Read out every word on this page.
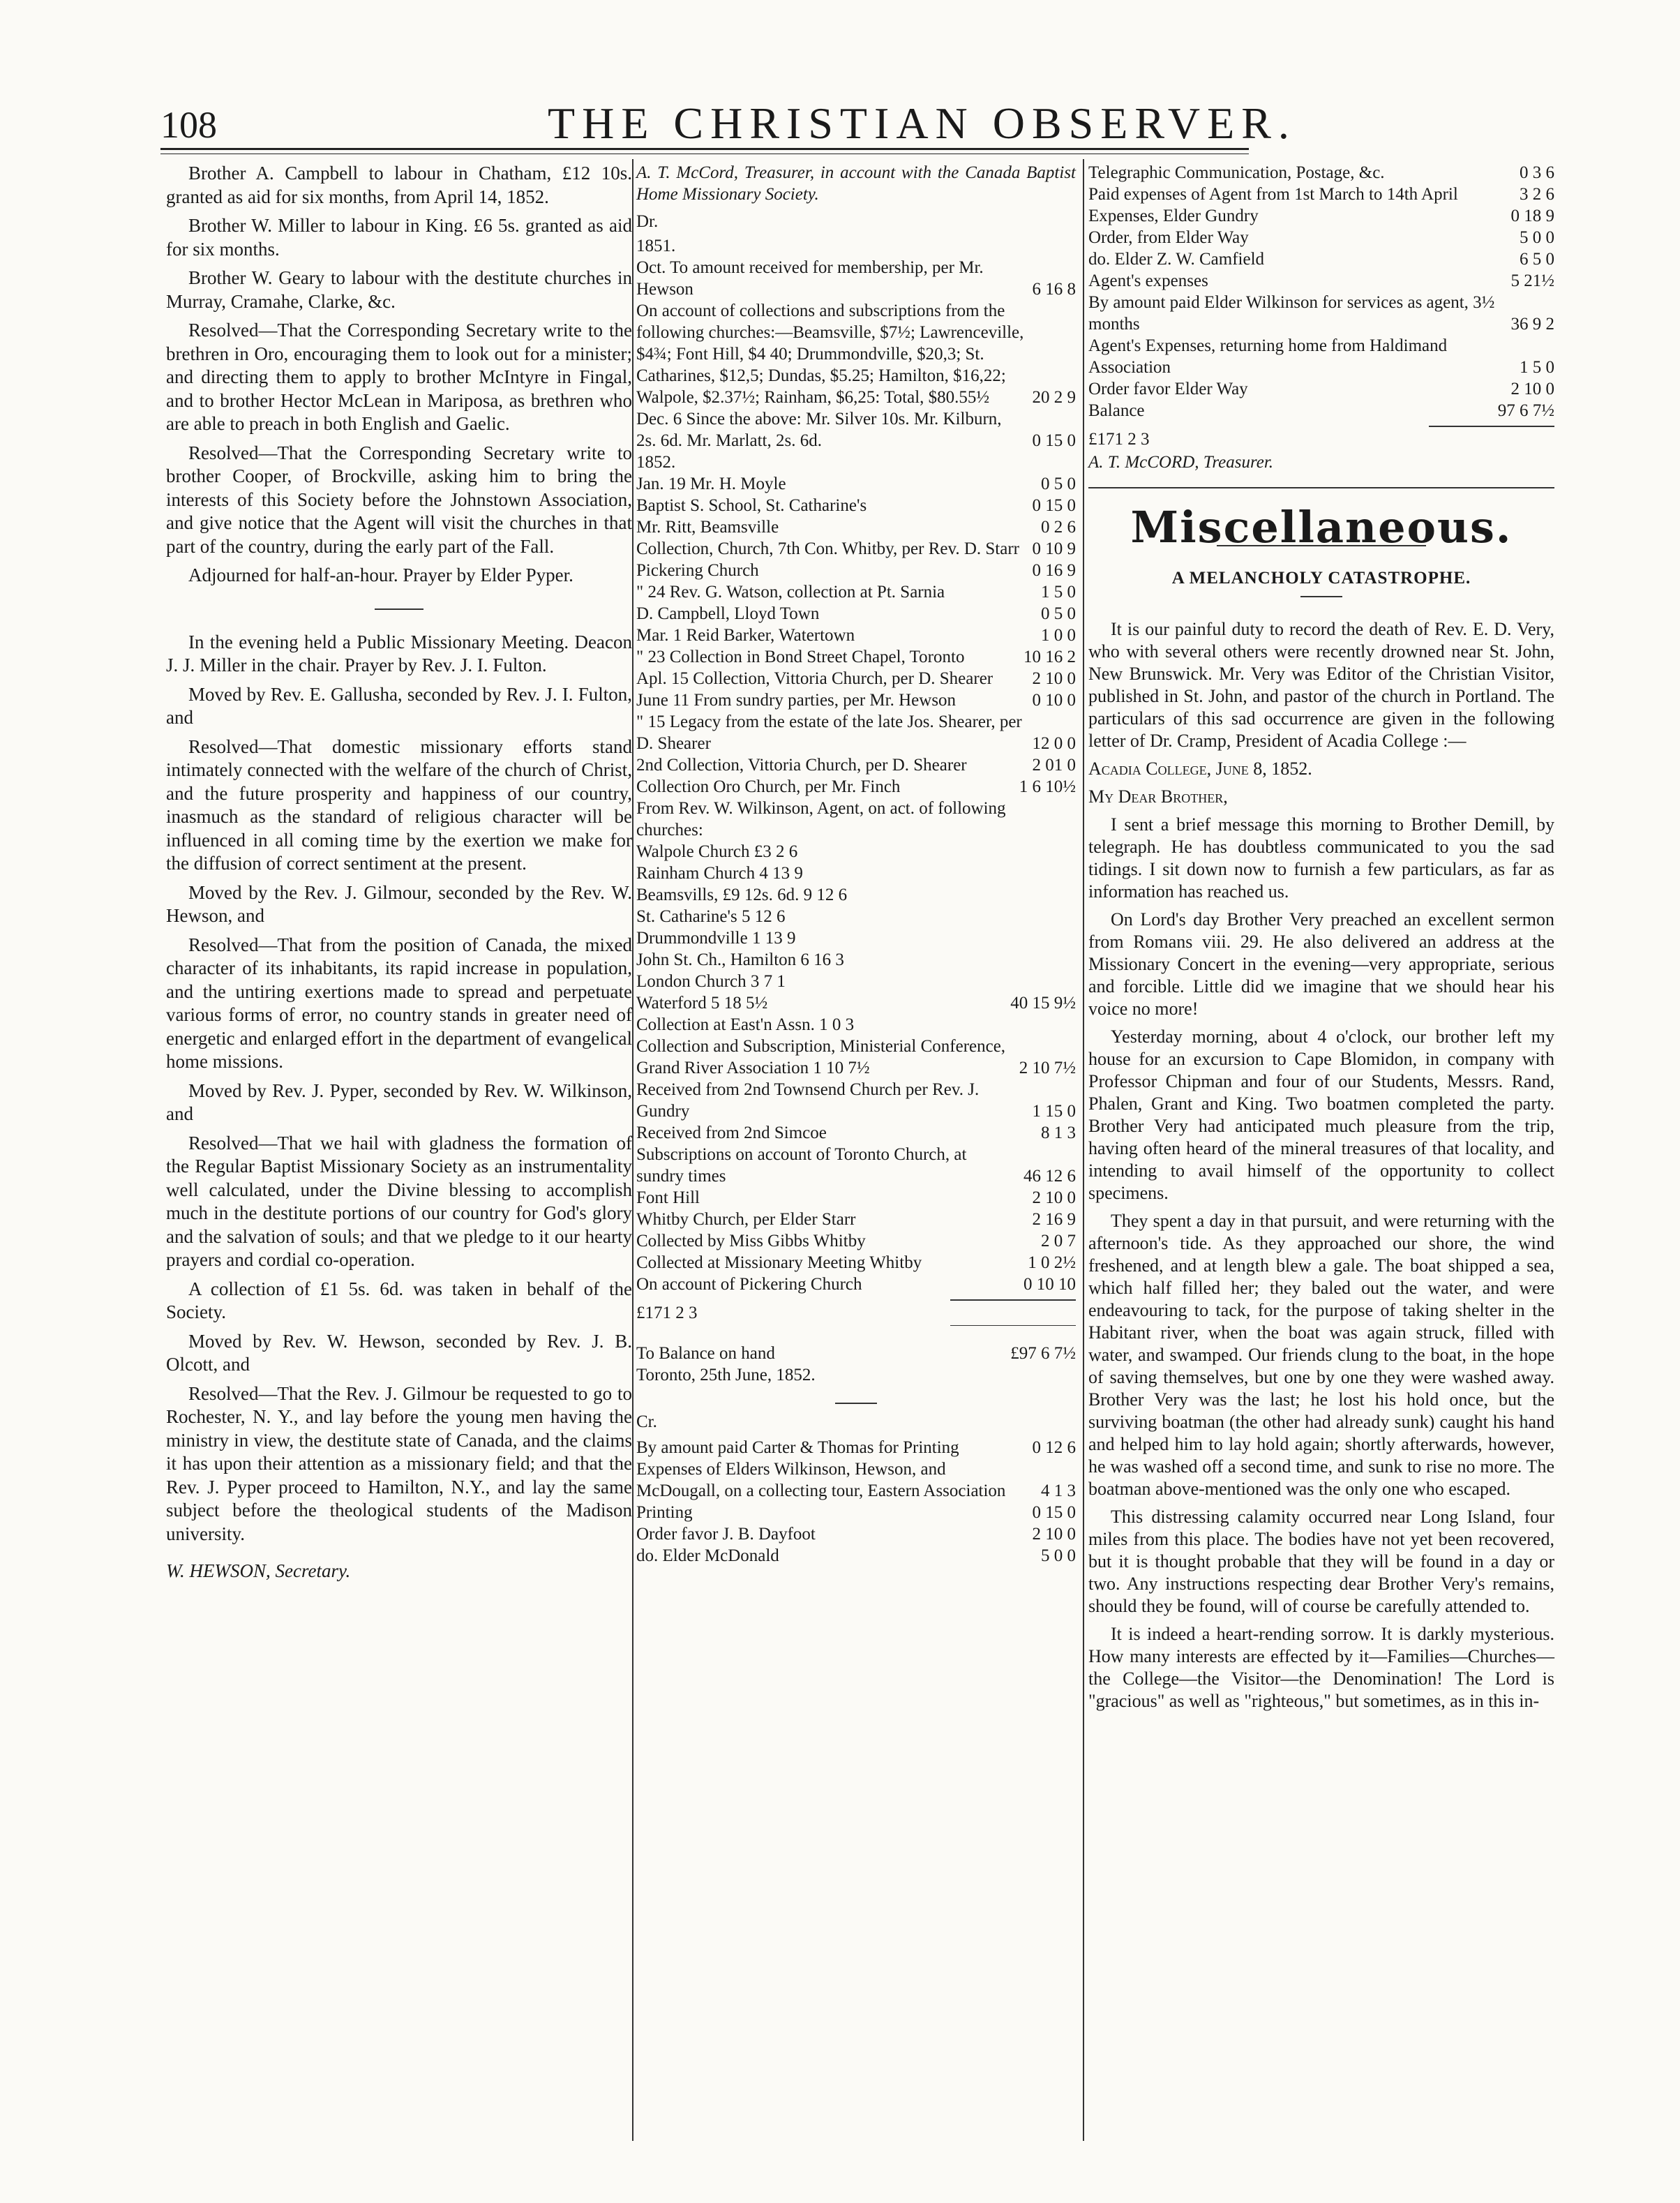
108	THE CHRISTIAN OBSERVER.

Brother A. Campbell to labour in Chatham, £12 10s. granted as aid for six months, from April 14, 1852.

Brother W. Miller to labour in King. £6 5s. granted as aid for six months.

Brother W. Geary to labour with the destitute churches in Murray, Cramahe, Clarke, &c.

Resolved—That the Corresponding Secretary write to the brethren in Oro, encouraging them to look out for a minister; and directing them to apply to brother McIntyre in Fingal, and to brother Hector McLean in Mariposa, as brethren who are able to preach in both English and Gaelic.

Resolved—That the Corresponding Secretary write to brother Cooper, of Brockville, asking him to bring the interests of this Society before the Johnstown Association, and give notice that the Agent will visit the churches in that part of the country, during the early part of the Fall.

Adjourned for half-an-hour. Prayer by Elder Pyper.

In the evening held a Public Missionary Meeting. Deacon J. J. Miller in the chair. Prayer by Rev. J. I. Fulton.

Moved by Rev. E. Gallusha, seconded by Rev. J. I. Fulton, and

Resolved—That domestic missionary efforts stand intimately connected with the welfare of the church of Christ, and the future prosperity and happiness of our country, inasmuch as the standard of religious character will be influenced in all coming time by the exertion we make for the diffusion of correct sentiment at the present.

Moved by the Rev. J. Gilmour, seconded by the Rev. W. Hewson, and

Resolved—That from the position of Canada, the mixed character of its inhabitants, its rapid increase in population, and the untiring exertions made to spread and perpetuate various forms of error, no country stands in greater need of energetic and enlarged effort in the department of evangelical home missions.

Moved by Rev. J. Pyper, seconded by Rev. W. Wilkinson, and

Resolved—That we hail with gladness the formation of the Regular Baptist Missionary Society as an instrumentality well calculated, under the Divine blessing to accomplish much in the destitute portions of our country for God's glory and the salvation of souls; and that we pledge to it our hearty prayers and cordial co-operation.

A collection of £1 5s. 6d. was taken in behalf of the Society.

Moved by Rev. W. Hewson, seconded by Rev. J. B. Olcott, and

Resolved—That the Rev. J. Gilmour be requested to go to Rochester, N. Y., and lay before the young men having the ministry in view, the destitute state of Canada, and the claims it has upon their attention as a missionary field; and that the Rev. J. Pyper proceed to Hamilton, N.Y., and lay the same subject before the theological students of the Madison university.

W. HEWSON, Secretary.

A. T. McCord, Treasurer, in account with the Canada Baptist Home Missionary Society.

Dr.

1851.
Oct. To amount received for membership, per Mr. Hewson	6 16 8
On account of collections and subscriptions from the following churches:—Beamsville, $7½; Lawrenceville, $4¾; Font Hill, $4 40; Drummondville, $20,3; St. Catharines, $12,5; Dundas, $5.25; Hamilton, $16,22; Walpole, $2.37½; Rainham, $6,25: Total, $80.55½	20 2 9
Dec. 6 Since the above: Mr. Silver 10s. Mr. Kilburn, 2s. 6d. Mr. Marlatt, 2s. 6d.	0 15 0
1852.
Jan. 19 Mr. H. Moyle	0 5 0
Baptist S. School, St. Catharine's	0 15 0
Mr. Ritt, Beamsville	0 2 6
Collection, Church, 7th Con. Whitby, per Rev. D. Starr 0 10 9
Pickering Church	0 16 9
" 24 Rev. G. Watson, collection at Pt. Sarnia	1 5 0
D. Campbell, Lloyd Town	0 5 0
Mar. 1 Reid Barker, Watertown	1 0 0
" 23 Collection in Bond Street Chapel, Toronto	10 16 2
Apl. 15 Collection, Vittoria Church, per D. Shearer	2 10 0
June 11 From sundry parties, per Mr. Hewson	0 10 0
" 15 Legacy from the estate of the late Jos. Shearer, per D. Shearer	12 0 0
2nd Collection, Vittoria Church, per D. Shearer	2 01 0
Collection Oro Church, per Mr. Finch	1 6 10½
From Rev. W. Wilkinson, Agent, on act. of following churches:
Walpole Church £3 2 6
Rainham Church 4 13 9
Beamsvills, £9 12s. 6d. 9 12 6
St. Catharine's 5 12 6
Drummondville 1 13 9
John St. Ch., Hamilton 6 16 3
London Church 3 7 1
Waterford 5 18 5½	40 15 9½
Collection at East'n Assn. 1 0 3
Collection and Subscription, Ministerial Conference, Grand River Association 1 10 7½	2 10 7½
Received from 2nd Townsend Church per Rev. J. Gundry	1 15 0
Received from 2nd Simcoe	8 1 3
Subscriptions on account of Toronto Church, at sundry times	46 12 6
Font Hill	2 10 0
Whitby Church, per Elder Starr	2 16 9
Collected by Miss Gibbs Whitby	2 0 7
Collected at Missionary Meeting Whitby	1 0 2½
On account of Pickering Church	0 10 10

£171 2 3

To Balance on hand	£97 6 7½

Toronto, 25th June, 1852.

Cr.

By amount paid Carter & Thomas for Printing	0 12 6
Expenses of Elders Wilkinson, Hewson, and McDougall, on a collecting tour, Eastern Association	4 1 3
Printing	0 15 0
Order favor J. B. Dayfoot	2 10 0
do. Elder McDonald	5 0 0
Telegraphic Communication, Postage, &c.	0 3 6
Paid expenses of Agent from 1st March to 14th April	3 2 6
Expenses, Elder Gundry	0 18 9
Order, from Elder Way	5 0 0
do. Elder Z. W. Camfield	6 5 0
Agent's expenses	5 21½
By amount paid Elder Wilkinson for services as agent, 3½ months	36 9 2
Agent's Expenses, returning home from Haldimand Association	1 5 0
Order favor Elder Way	2 10 0
Balance	97 6 7½

£171 2 3

A. T. McCORD, Treasurer.

Miscellaneous.
A MELANCHOLY CATASTROPHE.

It is our painful duty to record the death of Rev. E. D. Very, who with several others were recently drowned near St. John, New Brunswick. Mr. Very was Editor of the Christian Visitor, published in St. John, and pastor of the church in Portland. The particulars of this sad occurrence are given in the following letter of Dr. Cramp, President of Acadia College :—

Acadia College, June 8, 1852.

My Dear Brother,

I sent a brief message this morning to Brother Demill, by telegraph. He has doubtless communicated to you the sad tidings. I sit down now to furnish a few particulars, as far as information has reached us.

On Lord's day Brother Very preached an excellent sermon from Romans viii. 29. He also delivered an address at the Missionary Concert in the evening—very appropriate, serious and forcible. Little did we imagine that we should hear his voice no more!

Yesterday morning, about 4 o'clock, our brother left my house for an excursion to Cape Blomidon, in company with Professor Chipman and four of our Students, Messrs. Rand, Phalen, Grant and King. Two boatmen completed the party. Brother Very had anticipated much pleasure from the trip, having often heard of the mineral treasures of that locality, and intending to avail himself of the opportunity to collect specimens.

They spent a day in that pursuit, and were returning with the afternoon's tide. As they approached our shore, the wind freshened, and at length blew a gale. The boat shipped a sea, which half filled her; they baled out the water, and were endeavouring to tack, for the purpose of taking shelter in the Habitant river, when the boat was again struck, filled with water, and swamped. Our friends clung to the boat, in the hope of saving themselves, but one by one they were washed away. Brother Very was the last; he lost his hold once, but the surviving boatman (the other had already sunk) caught his hand and helped him to lay hold again; shortly afterwards, however, he was washed off a second time, and sunk to rise no more. The boatman above-mentioned was the only one who escaped.

This distressing calamity occurred near Long Island, four miles from this place. The bodies have not yet been recovered, but it is thought probable that they will be found in a day or two. Any instructions respecting dear Brother Very's remains, should they be found, will of course be carefully attended to.

It is indeed a heart-rending sorrow. It is darkly mysterious. How many interests are effected by it—Families—Churches—the College—the Visitor—the Denomination! The Lord is "gracious" as well as "righteous," but sometimes, as in this in-
